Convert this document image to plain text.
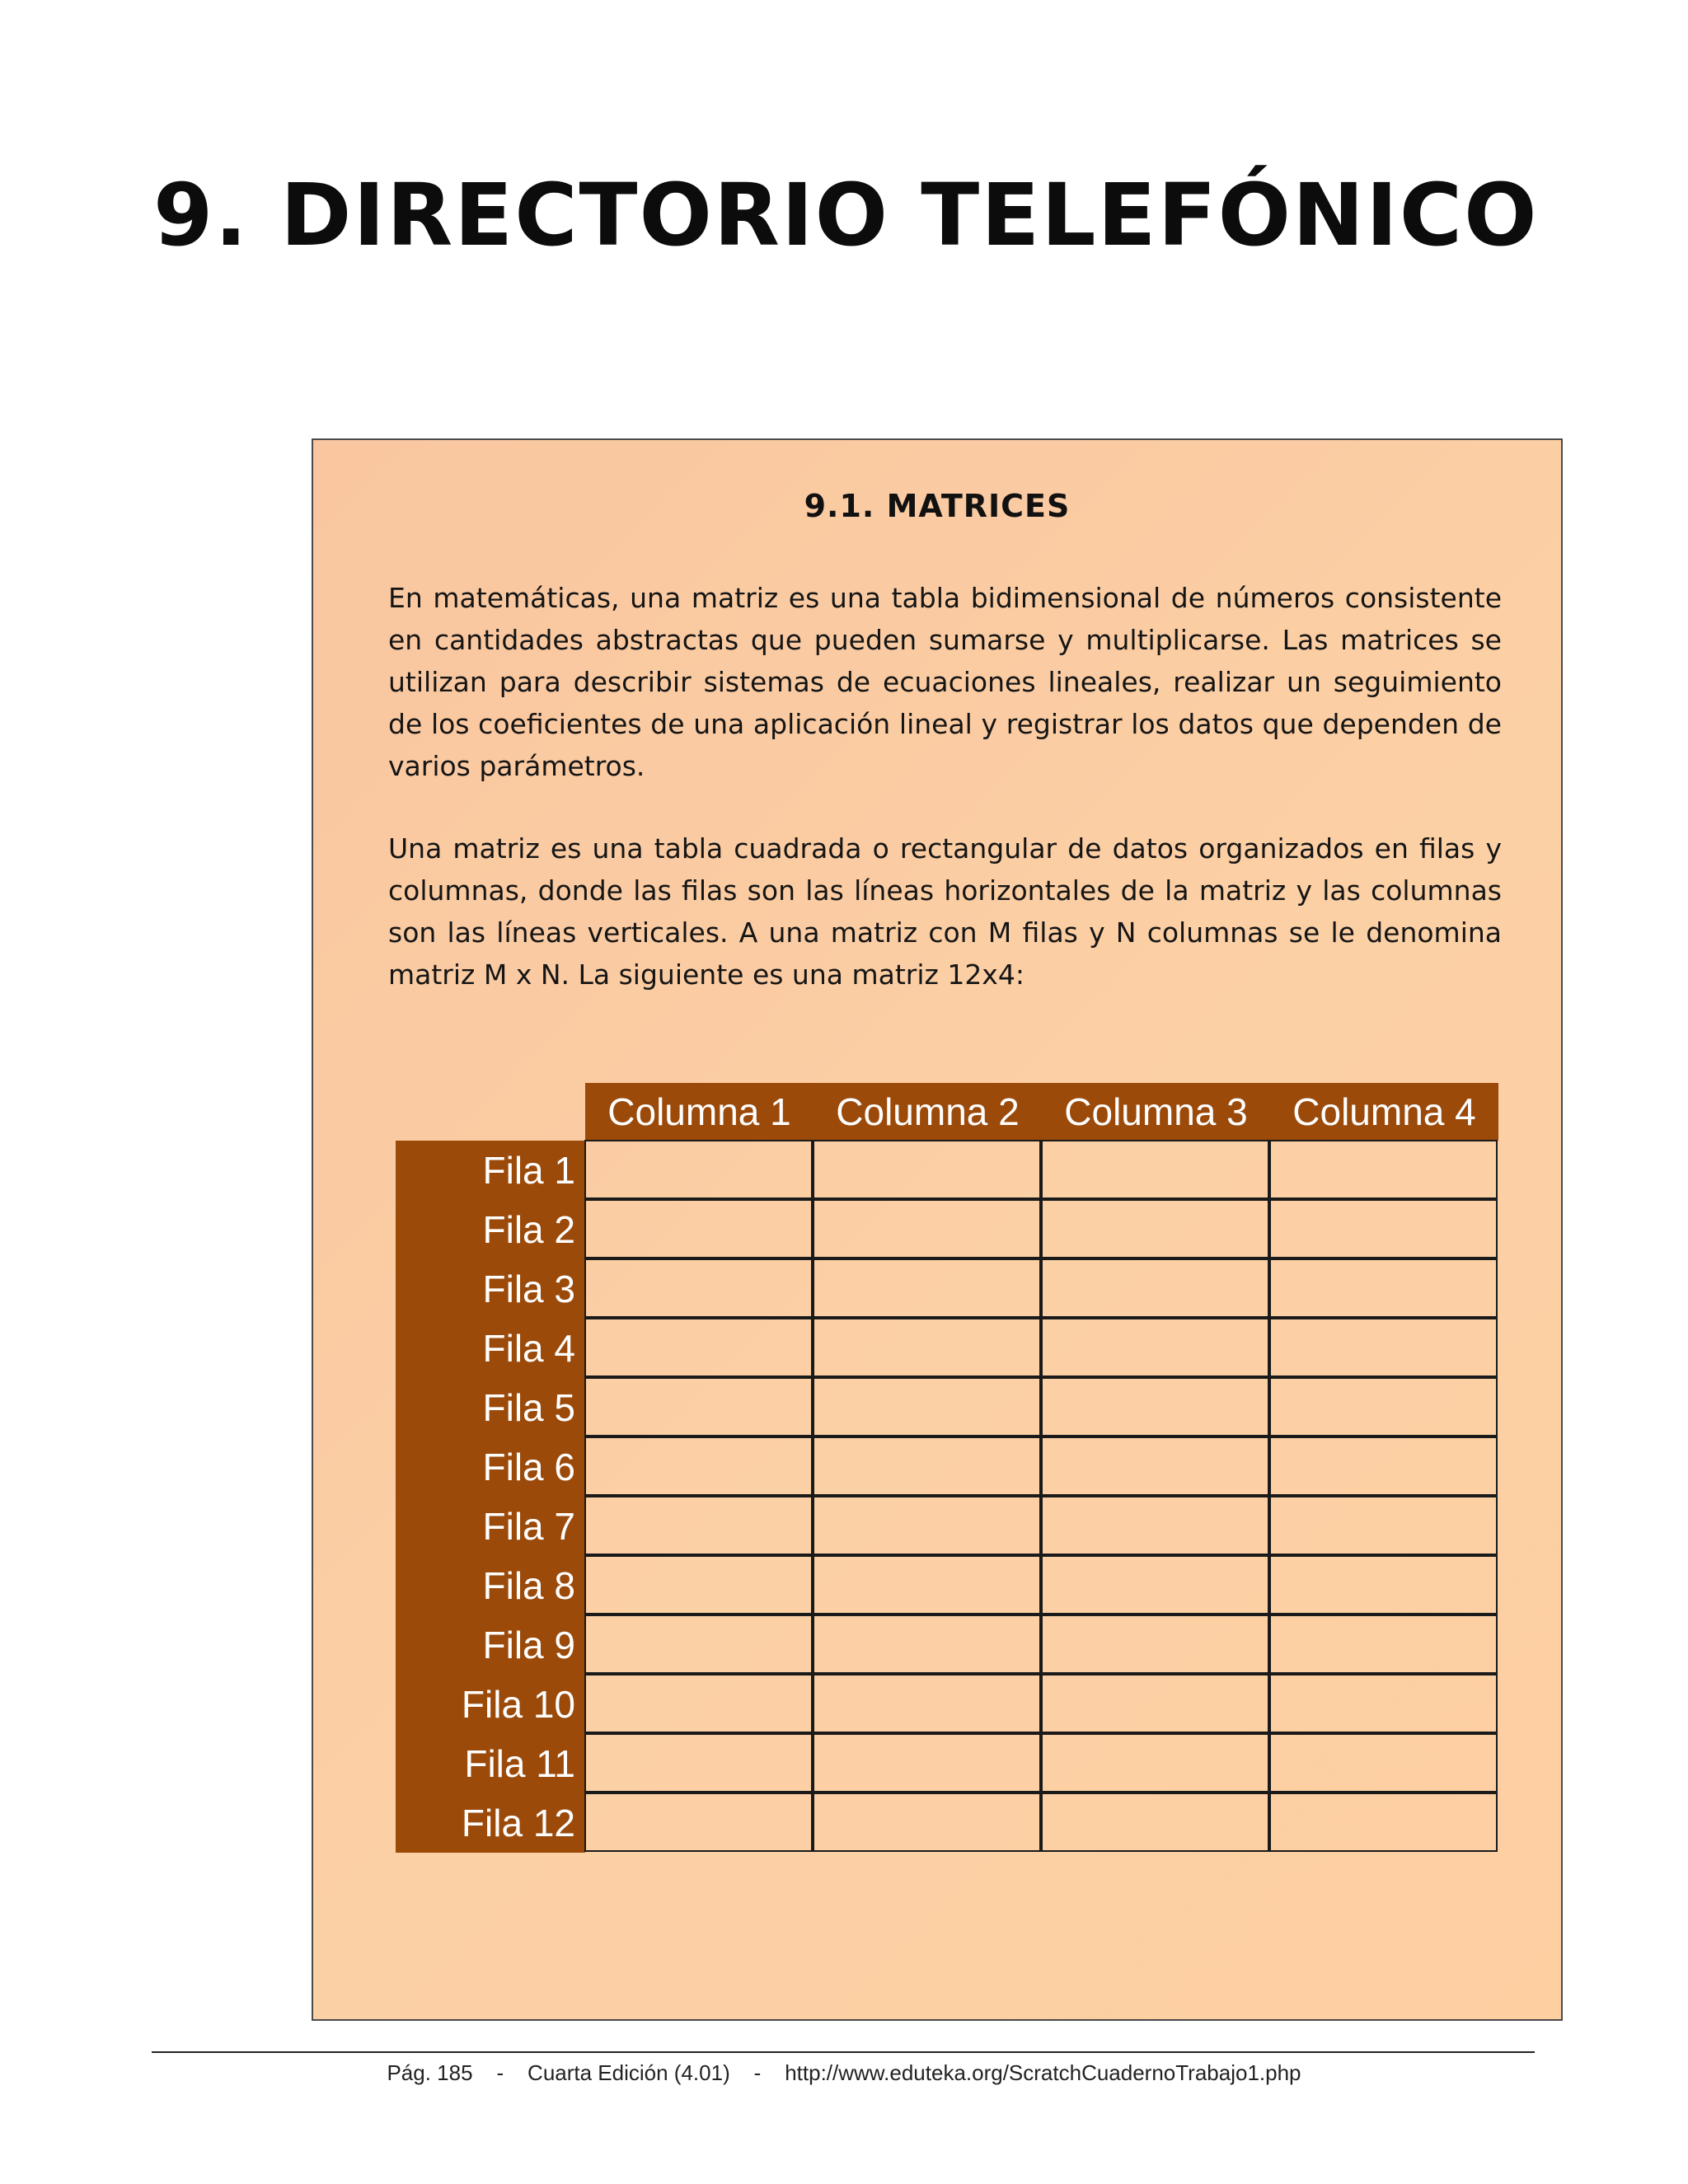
9. DIRECTORIO TELEFÓNICO
9.1. MATRICES

En matemáticas, una matriz es una tabla bidimensional de números consistente en cantidades abstractas que pueden sumarse y multiplicarse. Las matrices se utilizan para describir sistemas de ecuaciones lineales, realizar un seguimiento de los coeficientes de una aplicación lineal y registrar los datos que dependen de varios parámetros.

Una matriz es una tabla cuadrada o rectangular de datos organizados en filas y columnas, donde las filas son las líneas horizontales de la matriz y las columnas son las líneas verticales. A una matriz con M filas y N columnas se le denomina matriz M x N. La siguiente es una matriz 12x4:

Columna 1	Columna 2	Columna 3	Columna 4
Fila 1
Fila 2
Fila 3
Fila 4
Fila 5
Fila 6
Fila 7
Fila 8
Fila 9
Fila 10
Fila 11
Fila 12
Pág. 185 - Cuarta Edición (4.01) - http://www.eduteka.org/ScratchCuadernoTrabajo1.php
